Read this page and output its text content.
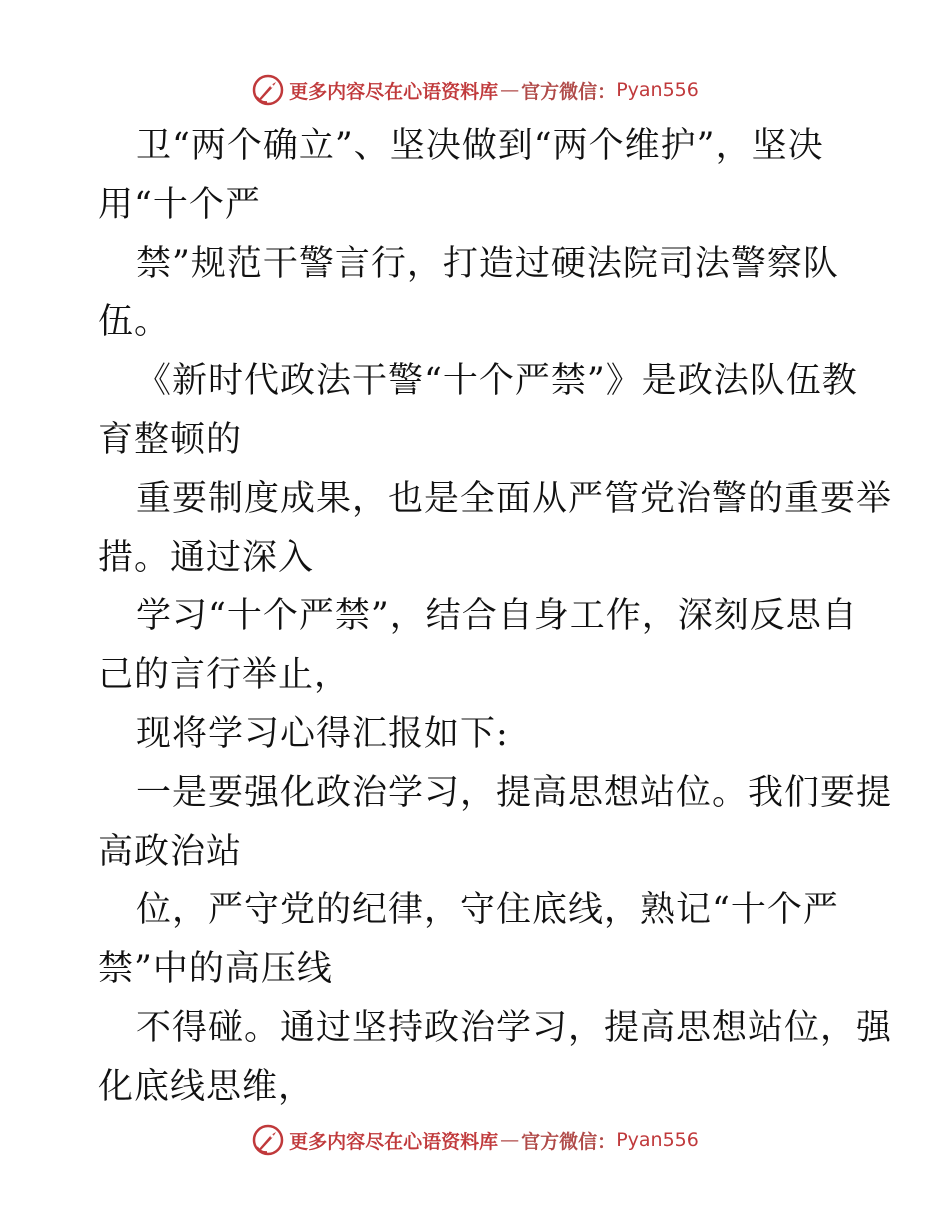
更多内容尽在心语资料库 — 官方微信： Pyan556
卫“两个确立”、坚决做到“两个维护”，坚决
用“十个严
禁”规范干警言行，打造过硬法院司法警察队
伍。
《新时代政法干警“十个严禁”》是政法队伍教
育整顿的
重要制度成果，也是全面从严管党治警的重要举
措。通过深入
学习“十个严禁”，结合自身工作，深刻反思自
己的言行举止，
现将学习心得汇报如下:
一是要强化政治学习，提高思想站位。我们要提
高政治站
位，严守党的纪律，守住底线，熟记“十个严
禁”中的高压线
不得碰。通过坚持政治学习，提高思想站位，强
化底线思维，
更多内容尽在心语资料库 — 官方微信： Pyan556
